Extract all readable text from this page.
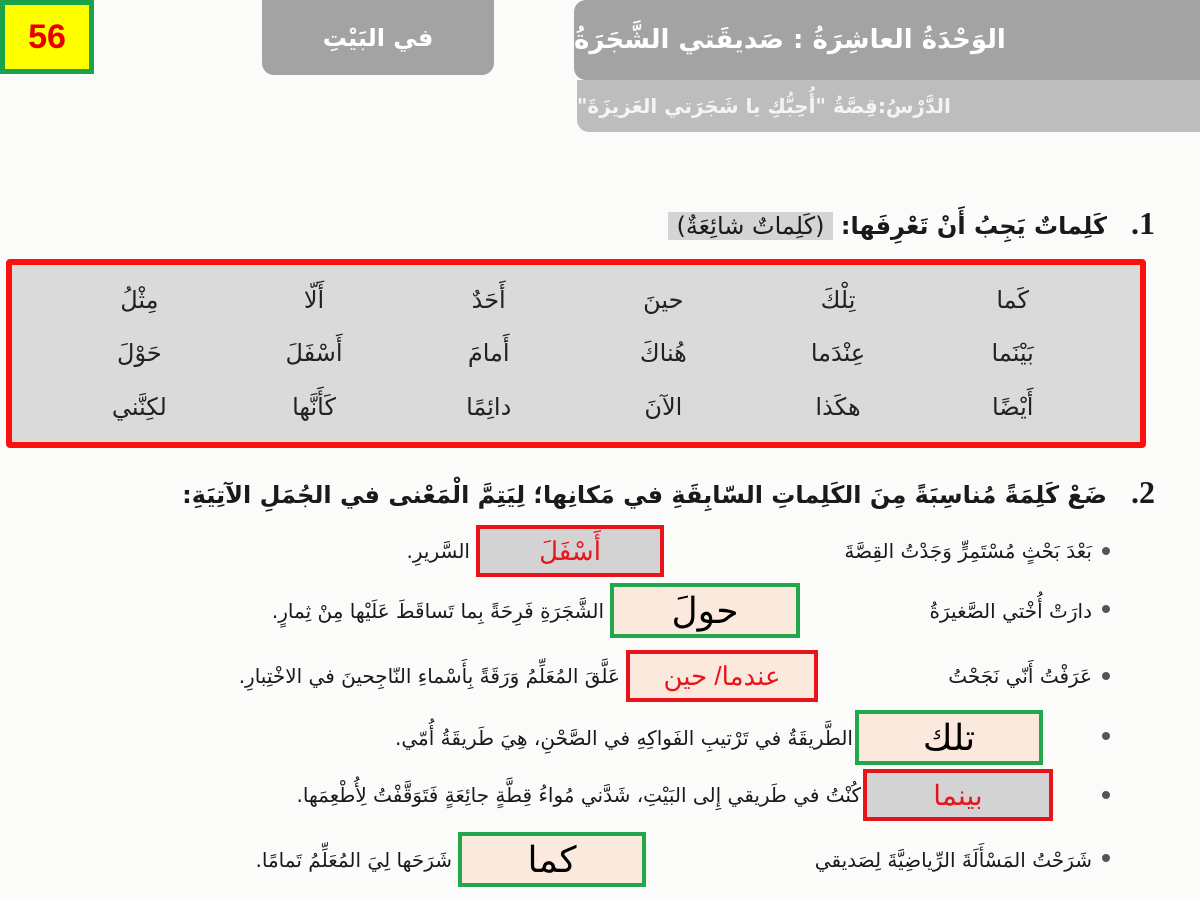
56	في البَيْتِ	الوَحْدَةُ العاشِرَةُ : صَديقَتي الشَّجَرَةُ
الدَّرْسُ:قِصَّةُ "أُحِبُّكِ يا شَجَرَتي العَزيزَةَ"
1.كَلِماتٌ يَجِبُ أَنْ تَعْرِفَها: (كَلِماتٌ شائِعَةٌ)
كَما
تِلْكَ
حينَ
أَحَدٌ
أَلّا
مِثْلُ
بَيْنَما
عِنْدَما
هُناكَ
أَمامَ
أَسْفَلَ
حَوْلَ
أَيْضًا
هكَذا
الآنَ
دائِمًا
كَأَنَّها
لكِنَّني
2.ضَعْ كَلِمَةً مُناسِبَةً مِنَ الكَلِماتِ السّابِقَةِ في مَكانِها؛ لِيَتِمَّ الْمَعْنى في الجُمَلِ الآتِيَةِ:
بَعْدَ بَحْثٍ مُسْتَمِرٍّ وَجَدْتُ القِصَّةَ
أَسْفَلَ
السَّريرِ.
دارَتْ أُخْتي الصَّغيرَةُ
حولَ
الشَّجَرَةِ فَرِحَةً بِما تَساقَطَ عَلَيْها مِنْ ثِمارٍ.
عَرَفْتُ أَنّي نَجَحْتُ
عندما/ حين
عَلَّقَ المُعَلِّمُ وَرَقَةً بِأَسْماءِ النّاجِحينَ في الاخْتِبارِ.
تلك
الطَّريقَةُ في تَرْتيبِ الفَواكِهِ في الصَّحْنِ، هِيَ طَريقَةُ أُمّي.
بينما
كُنْتُ في طَريقي إِلى البَيْتِ، شَدَّني مُواءُ قِطَّةٍ جائِعَةٍ فَتَوَقَّفْتُ لِأُطْعِمَها.
شَرَحْتُ المَسْأَلَةَ الرِّياضِيَّةَ لِصَديقي
كما
شَرَحَها لِيَ المُعَلِّمُ تَمامًا.
